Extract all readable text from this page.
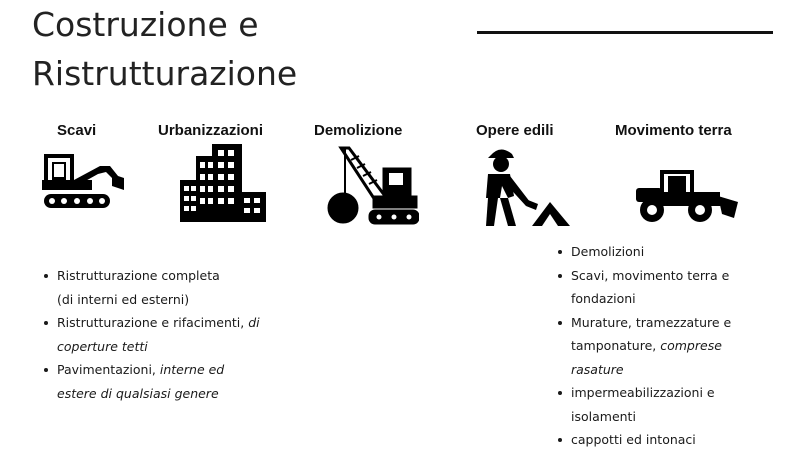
Costruzione e
Ristrutturazione
Scavi	Urbanizzazioni	Demolizione	Opere edili	Movimento terra
Ristrutturazione completa
(di interni ed esterni)
Ristrutturazione e rifacimenti, di
coperture tetti
Pavimentazioni, interne ed
estere di qualsiasi genere
Demolizioni
Scavi, movimento terra e
fondazioni
Murature, tramezzature e
tamponature, comprese
rasature
impermeabilizzazioni e
isolamenti
cappotti ed intonaci
